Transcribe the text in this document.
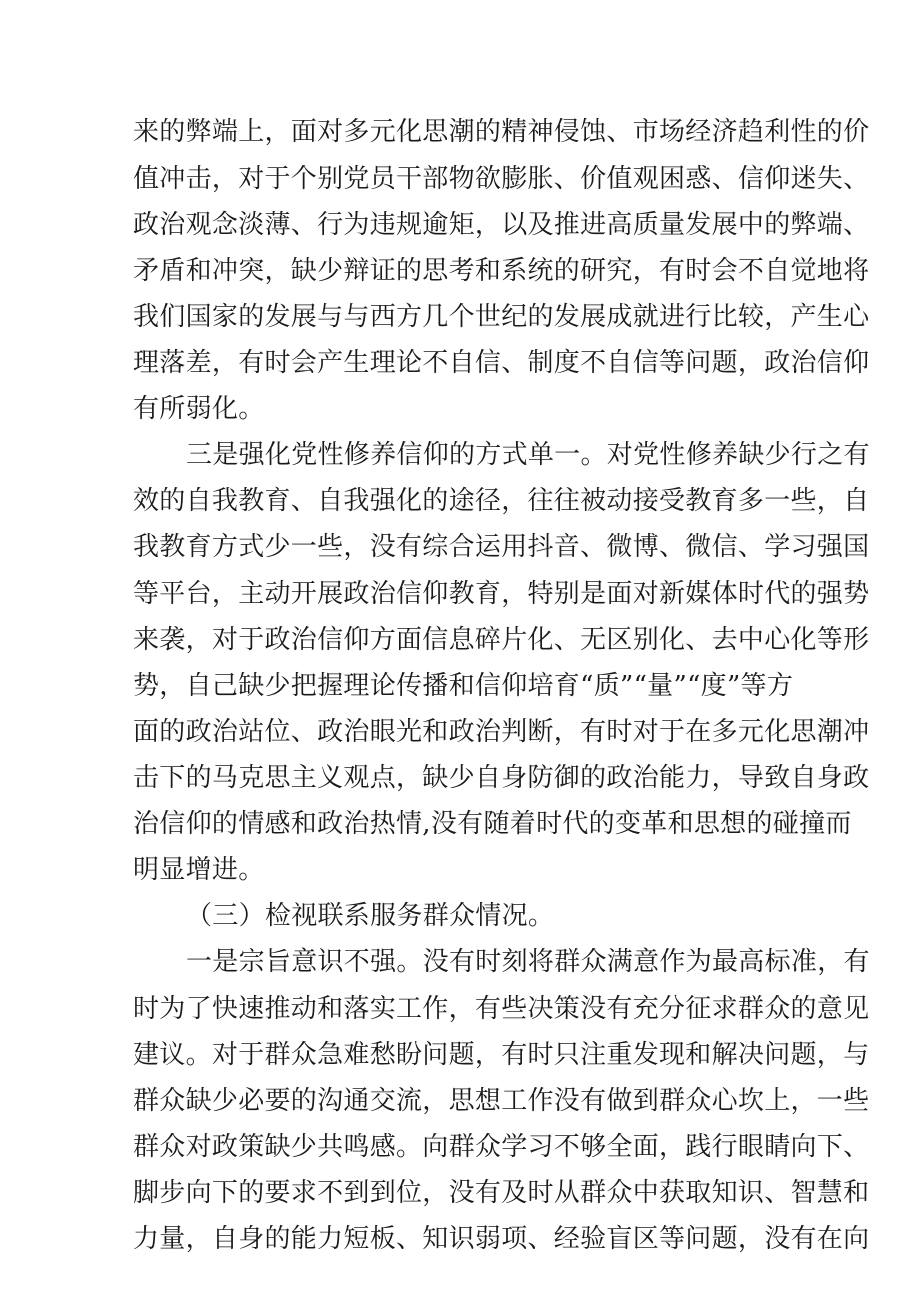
来的弊端上，面对多元化思潮的精神侵蚀、市场经济趋利性的价
值冲击，对于个别党员干部物欲膨胀、价值观困惑、信仰迷失、
政治观念淡薄、行为违规逾矩，以及推进高质量发展中的弊端、
矛盾和冲突，缺少辩证的思考和系统的研究，有时会不自觉地将
我们国家的发展与与西方几个世纪的发展成就进行比较，产生心
理落差，有时会产生理论不自信、制度不自信等问题，政治信仰
有所弱化。
三是强化党性修养信仰的方式单一。对党性修养缺少行之有
效的自我教育、自我强化的途径，往往被动接受教育多一些，自
我教育方式少一些，没有综合运用抖音、微博、微信、学习强国
等平台，主动开展政治信仰教育，特别是面对新媒体时代的强势
来袭，对于政治信仰方面信息碎片化、无区别化、去中心化等形
势，自己缺少把握理论传播和信仰培育“质”“量”“度”等方
面的政治站位、政治眼光和政治判断，有时对于在多元化思潮冲
击下的马克思主义观点，缺少自身防御的政治能力，导致自身政
治信仰的情感和政治热情,没有随着时代的变革和思想的碰撞而
明显增进。
（三）检视联系服务群众情况。
一是宗旨意识不强。没有时刻将群众满意作为最高标准，有
时为了快速推动和落实工作，有些决策没有充分征求群众的意见
建议。对于群众急难愁盼问题，有时只注重发现和解决问题，与
群众缺少必要的沟通交流，思想工作没有做到群众心坎上，一些
群众对政策缺少共鸣感。向群众学习不够全面，践行眼睛向下、
脚步向下的要求不到到位，没有及时从群众中获取知识、智慧和
力量，自身的能力短板、知识弱项、经验盲区等问题，没有在向
